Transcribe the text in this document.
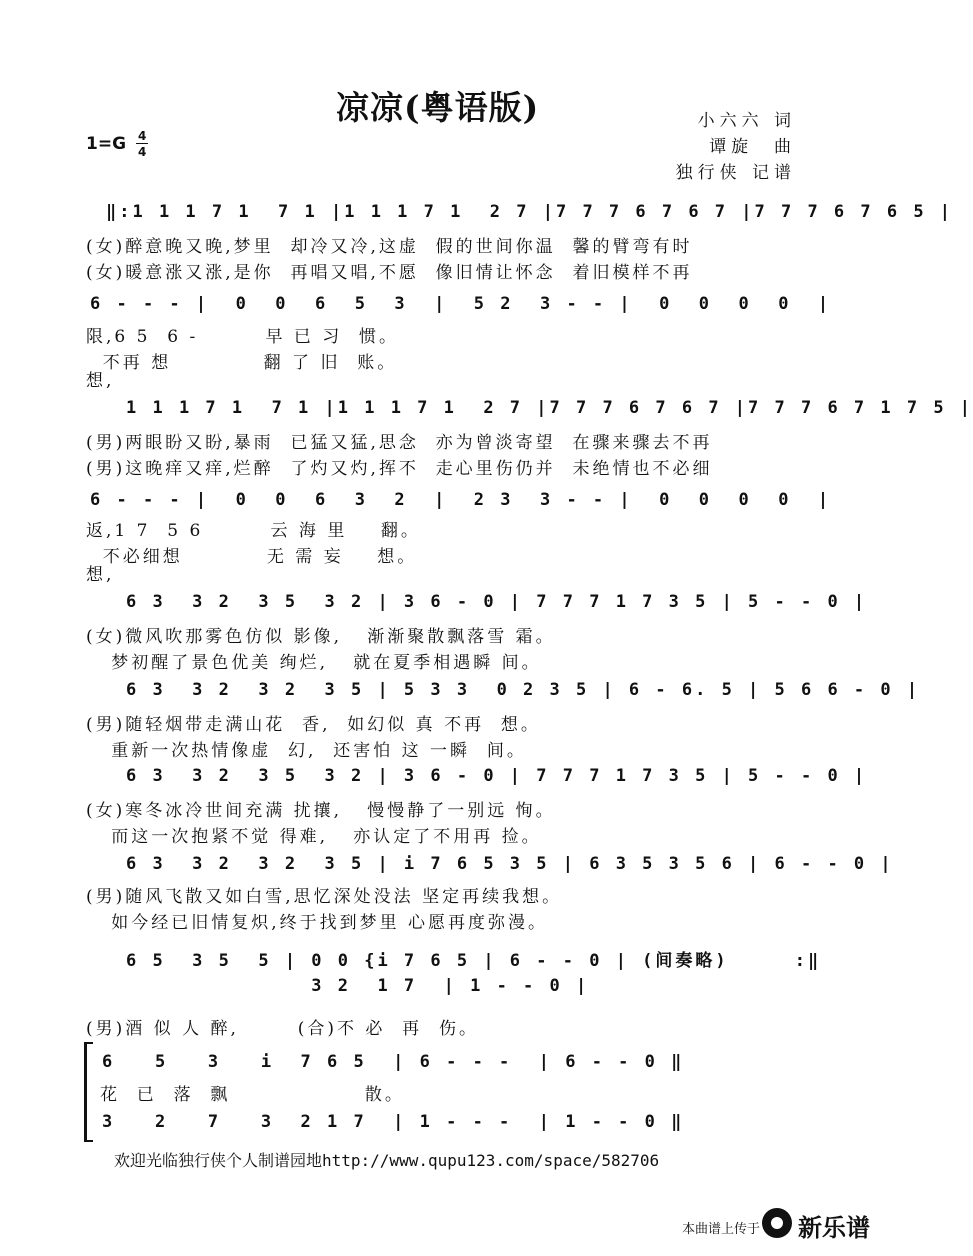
凉凉(粤语版)	小六六 词
谭旋  曲
独行侠 记谱
1=G 4
4
‖:1 1 1 7 1  7 1 |1 1 1 7 1  2 7 |7 7 7 6 7 6 7 |7 7 7 6 7 6 5 |
(女)醉意晚又晚,梦里  却冷又冷,这虚  假的世间你温  馨的臂弯有时
(女)暖意涨又涨,是你  再唱又唱,不愿  像旧情让怀念  着旧模样不再
6 - - - |  0  0  6  5  3  |  5 2  3 - - |  0  0  0  0  |
限,6 5  6 -        早 已 习  惯。
不再 想           翻 了 旧  账。
想,
1 1 1 7 1  7 1 |1 1 1 7 1  2 7 |7 7 7 6 7 6 7 |7 7 7 6 7 1 7 5 |
(男)两眼盼又盼,暴雨  已猛又猛,思念  亦为曾淡寄望  在骤来骤去不再
(男)这晚痒又痒,烂醉  了灼又灼,挥不  走心里伤仍并  未绝情也不必细
6 - - - |  0  0  6  3  2  |  2 3  3 - - |  0  0  0  0  |
返,1 7  5 6        云 海 里    翻。
不必细想          无 需 妄    想。
想,
6 3  3 2  3 5  3 2 | 3 6 - 0 | 7 7 7 1 7 3 5 | 5 - - 0 |
(女)微风吹那雾色仿似 影像,   渐渐聚散飘落雪 霜。
梦初醒了景色优美 绚烂,   就在夏季相遇瞬 间。
6 3  3 2  3 2  3 5 | 5 3 3  0 2 3 5 | 6 - 6. 5 | 5 6 6 - 0 |
(男)随轻烟带走满山花  香,  如幻似 真 不再  想。
重新一次热情像虚  幻,  还害怕 这 一瞬  间。
6 3  3 2  3 5  3 2 | 3 6 - 0 | 7 7 7 1 7 3 5 | 5 - - 0 |
(女)寒冬冰冷世间充满 扰攘,   慢慢静了一别远 恂。
而这一次抱紧不觉 得难,   亦认定了不用再 捡。
6 3  3 2  3 2  3 5 | i 7 6 5 3 5 | 6 3 5 3 5 6 | 6 - - 0 |
(男)随风飞散又如白雪,思忆深处没法 坚定再续我想。
如今经已旧情复炽,终于找到梦里 心愿再度弥漫。
6 5  3 5  5 | 0 0 {i 7 6 5 | 6 - - 0 | (间奏略)     :‖
3 2  1 7  | 1 - - 0 |
(男)酒 似 人 醉,       (合)不 必  再  伤。
6   5   3   i  7 6 5  | 6 - - -  | 6 - - 0 ‖
花  已  落  飘                散。
3   2   7   3  2 1 7  | 1 - - -  | 1 - - 0 ‖
欢迎光临独行侠个人制谱园地http://www.qupu123.com/space/582706
本曲谱上传于 新乐谱
